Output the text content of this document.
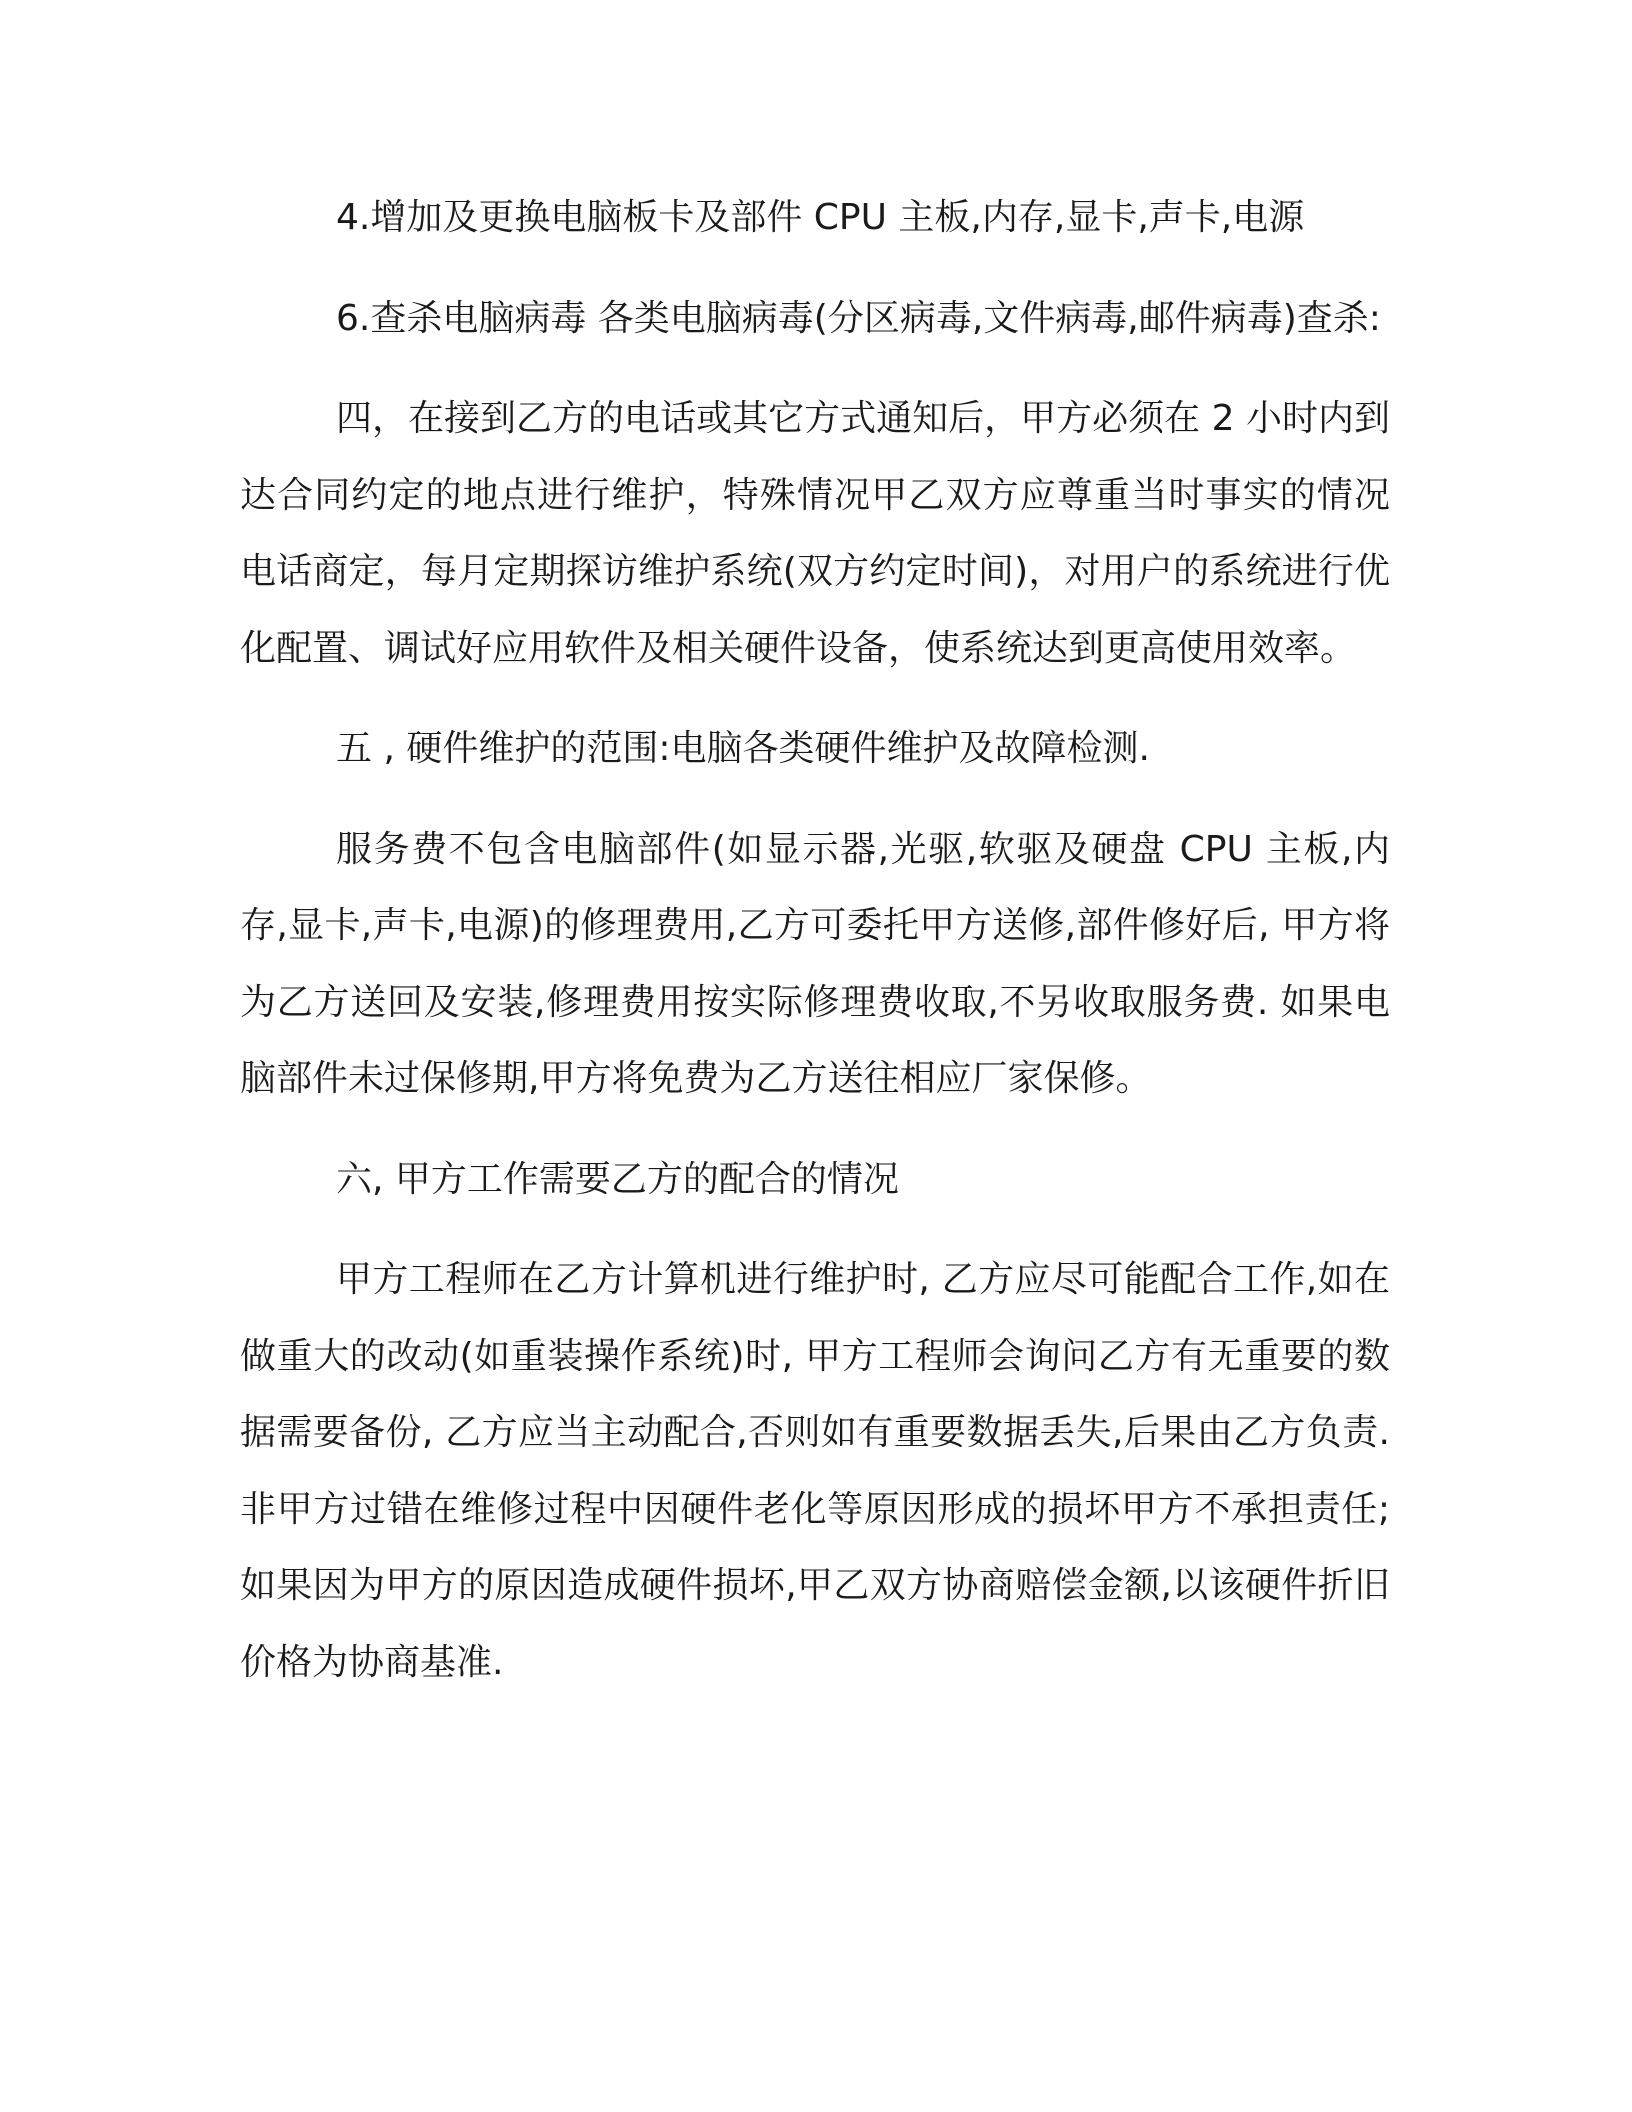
4.增加及更换电脑板卡及部件 CPU 主板,内存,显卡,声卡,电源

6.查杀电脑病毒 各类电脑病毒(分区病毒,文件病毒,邮件病毒)查杀:

四，在接到乙方的电话或其它方式通知后，甲方必须在 2 小时内到达合同约定的地点进行维护，特殊情况甲乙双方应尊重当时事实的情况电话商定，每月定期探访维护系统(双方约定时间)，对用户的系统进行优化配置、调试好应用软件及相关硬件设备，使系统达到更高使用效率。

五 , 硬件维护的范围:电脑各类硬件维护及故障检测.

服务费不包含电脑部件(如显示器,光驱,软驱及硬盘 CPU 主板,内存,显卡,声卡,电源)的修理费用,乙方可委托甲方送修,部件修好后, 甲方将为乙方送回及安装,修理费用按实际修理费收取,不另收取服务费. 如果电脑部件未过保修期,甲方将免费为乙方送往相应厂家保修。

六, 甲方工作需要乙方的配合的情况

甲方工程师在乙方计算机进行维护时, 乙方应尽可能配合工作,如在做重大的改动(如重装操作系统)时, 甲方工程师会询问乙方有无重要的数据需要备份, 乙方应当主动配合,否则如有重要数据丢失,后果由乙方负责.非甲方过错在维修过程中因硬件老化等原因形成的损坏甲方不承担责任;如果因为甲方的原因造成硬件损坏,甲乙双方协商赔偿金额,以该硬件折旧价格为协商基准.
